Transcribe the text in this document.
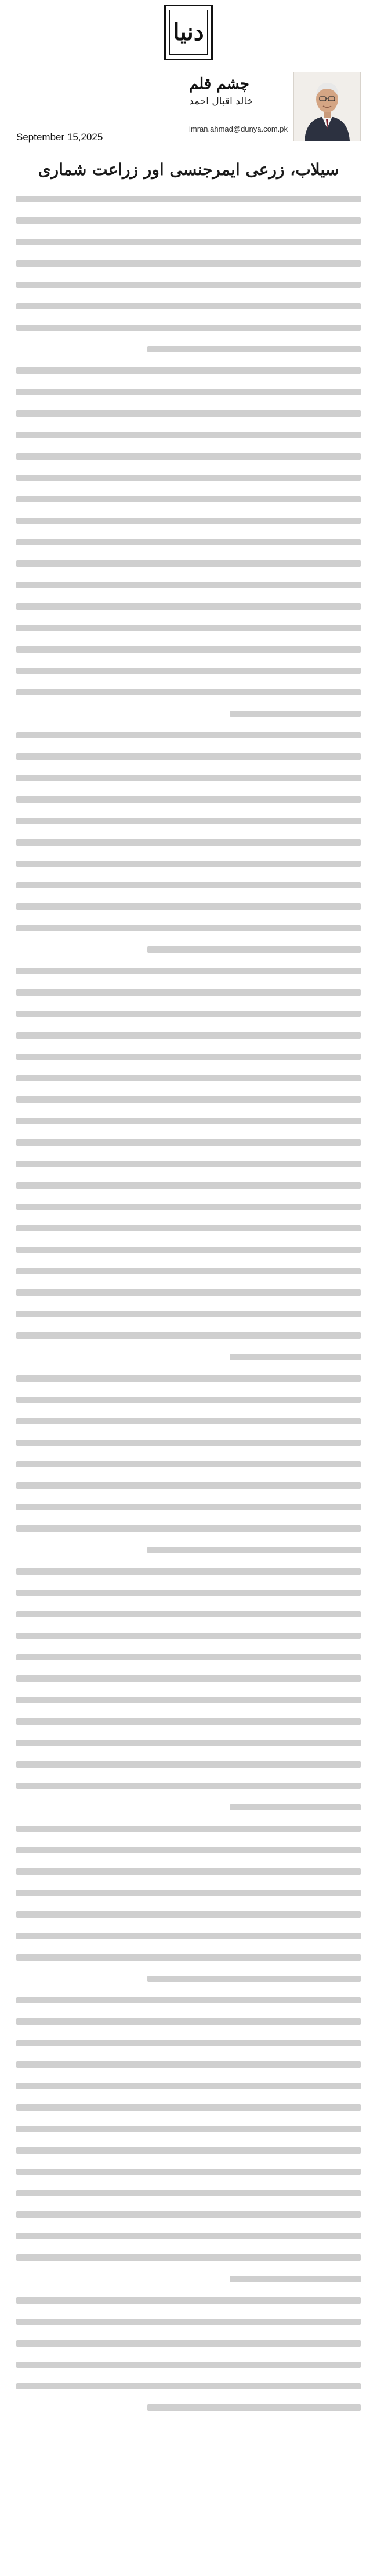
دنیا
September 15,2025
چشم قلم
خالد اقبال احمد
imran.ahmad@dunya.com.pk
سیلاب، زرعی ایمرجنسی اور زراعت شماری
